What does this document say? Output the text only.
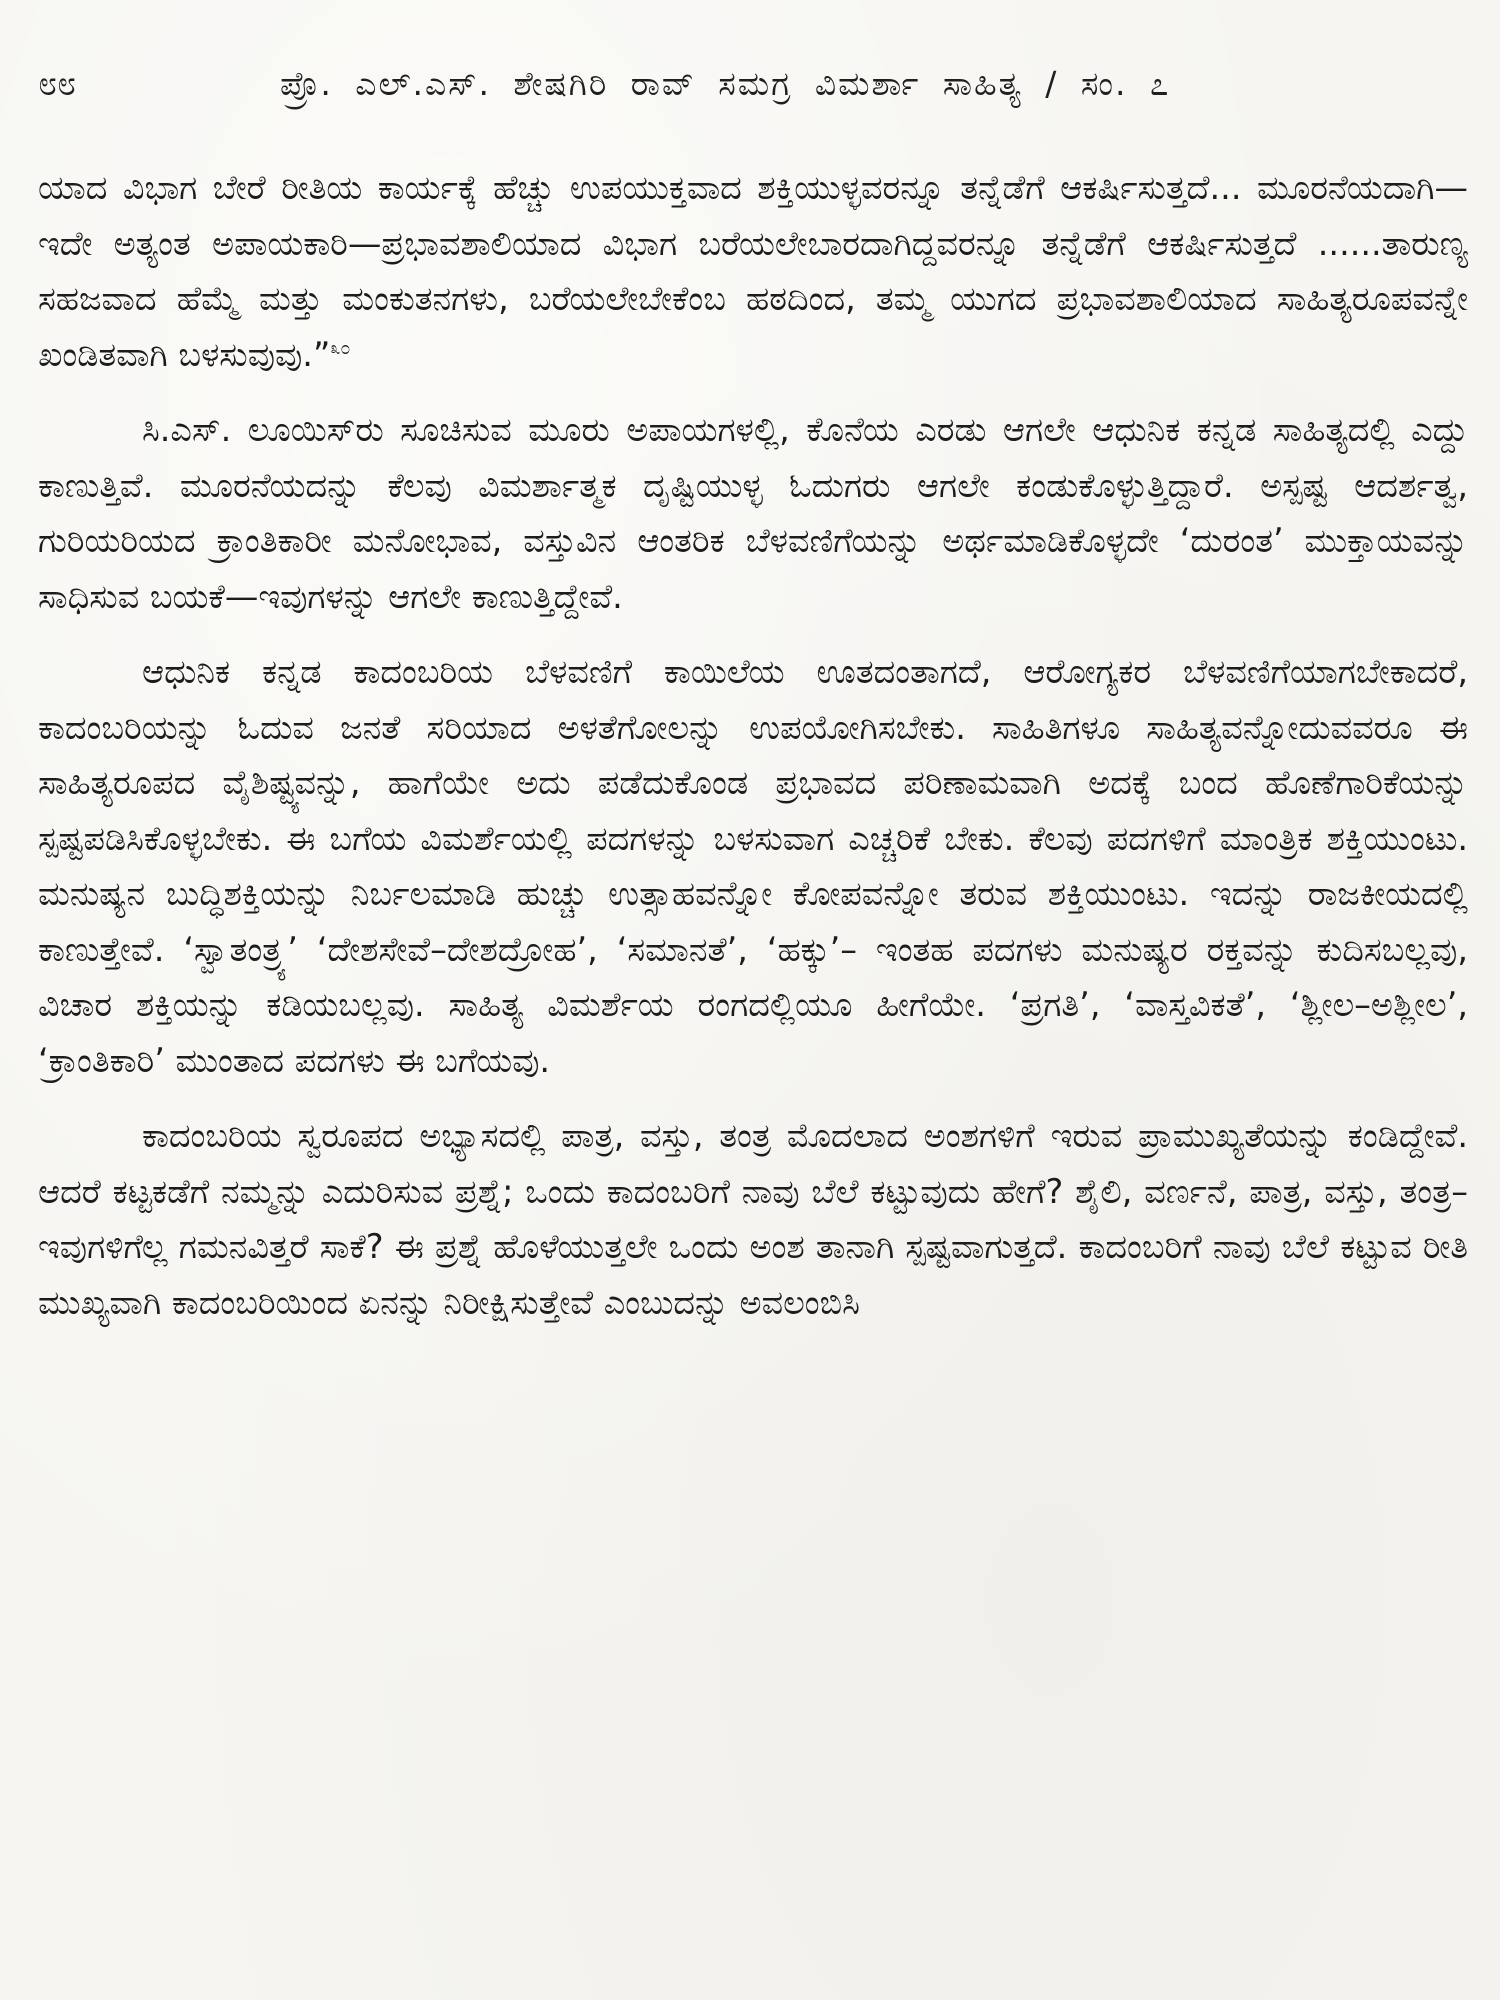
೮೮	ಪ್ರೊ. ಎಲ್.ಎಸ್. ಶೇಷಗಿರಿ ರಾವ್ ಸಮಗ್ರ ವಿಮರ್ಶಾ ಸಾಹಿತ್ಯ / ಸಂ. ೭

ಯಾದ ವಿಭಾಗ ಬೇರೆ ರೀತಿಯ ಕಾರ್ಯಕ್ಕೆ ಹೆಚ್ಚು ಉಪಯುಕ್ತವಾದ ಶಕ್ತಿಯುಳ್ಳವರನ್ನೂ ತನ್ನೆಡೆಗೆ ಆಕರ್ಷಿಸುತ್ತದೆ... ಮೂರನೆಯದಾಗಿ—ಇದೇ ಅತ್ಯಂತ ಅಪಾಯಕಾರಿ—ಪ್ರಭಾವಶಾಲಿಯಾದ ವಿಭಾಗ ಬರೆಯಲೇಬಾರದಾಗಿದ್ದವರನ್ನೂ ತನ್ನೆಡೆಗೆ ಆಕರ್ಷಿಸುತ್ತದೆ ......ತಾರುಣ್ಯ ಸಹಜವಾದ ಹೆಮ್ಮೆ ಮತ್ತು ಮಂಕುತನಗಳು, ಬರೆಯಲೇಬೇಕೆಂಬ ಹಠದಿಂದ, ತಮ್ಮ ಯುಗದ ಪ್ರಭಾವಶಾಲಿಯಾದ ಸಾಹಿತ್ಯರೂಪವನ್ನೇ ಖಂಡಿತವಾಗಿ ಬಳಸುವುವು.”$^{೩೦}$

ಸಿ.ಎಸ್. ಲೂಯಿಸ್‌ರು ಸೂಚಿಸುವ ಮೂರು ಅಪಾಯಗಳಲ್ಲಿ, ಕೊನೆಯ ಎರಡು ಆಗಲೇ ಆಧುನಿಕ ಕನ್ನಡ ಸಾಹಿತ್ಯದಲ್ಲಿ ಎದ್ದು ಕಾಣುತ್ತಿವೆ. ಮೂರನೆಯದನ್ನು ಕೆಲವು ವಿಮರ್ಶಾತ್ಮಕ ದೃಷ್ಟಿಯುಳ್ಳ ಓದುಗರು ಆಗಲೇ ಕಂಡುಕೊಳ್ಳುತ್ತಿದ್ದಾರೆ. ಅಸ್ಪಷ್ಟ ಆದರ್ಶತ್ವ, ಗುರಿಯರಿಯದ ಕ್ರಾಂತಿಕಾರೀ ಮನೋಭಾವ, ವಸ್ತುವಿನ ಆಂತರಿಕ ಬೆಳವಣಿಗೆಯನ್ನು ಅರ್ಥಮಾಡಿಕೊಳ್ಳದೇ ‘ದುರಂತ’ ಮುಕ್ತಾಯವನ್ನು ಸಾಧಿಸುವ ಬಯಕೆ—ಇವುಗಳನ್ನು ಆಗಲೇ ಕಾಣುತ್ತಿದ್ದೇವೆ.

ಆಧುನಿಕ ಕನ್ನಡ ಕಾದಂಬರಿಯ ಬೆಳವಣಿಗೆ ಕಾಯಿಲೆಯ ಊತದಂತಾಗದೆ, ಆರೋಗ್ಯಕರ ಬೆಳವಣಿಗೆಯಾಗಬೇಕಾದರೆ, ಕಾದಂಬರಿಯನ್ನು ಓದುವ ಜನತೆ ಸರಿಯಾದ ಅಳತೆಗೋಲನ್ನು ಉಪಯೋಗಿಸಬೇಕು. ಸಾಹಿತಿಗಳೂ ಸಾಹಿತ್ಯವನ್ನೋದುವವರೂ ಈ ಸಾಹಿತ್ಯರೂಪದ ವೈಶಿಷ್ಟ್ಯವನ್ನು, ಹಾಗೆಯೇ ಅದು ಪಡೆದುಕೊಂಡ ಪ್ರಭಾವದ ಪರಿಣಾಮವಾಗಿ ಅದಕ್ಕೆ ಬಂದ ಹೊಣೆಗಾರಿಕೆಯನ್ನು ಸ್ಪಷ್ಟಪಡಿಸಿಕೊಳ್ಳಬೇಕು. ಈ ಬಗೆಯ ವಿಮರ್ಶೆಯಲ್ಲಿ ಪದಗಳನ್ನು ಬಳಸುವಾಗ ಎಚ್ಚರಿಕೆ ಬೇಕು. ಕೆಲವು ಪದಗಳಿಗೆ ಮಾಂತ್ರಿಕ ಶಕ್ತಿಯುಂಟು. ಮನುಷ್ಯನ ಬುದ್ಧಿಶಕ್ತಿಯನ್ನು ನಿರ್ಬಲಮಾಡಿ ಹುಚ್ಚು ಉತ್ಸಾಹವನ್ನೋ ಕೋಪವನ್ನೋ ತರುವ ಶಕ್ತಿಯುಂಟು. ಇದನ್ನು ರಾಜಕೀಯದಲ್ಲಿ ಕಾಣುತ್ತೇವೆ. ‘ಸ್ವಾತಂತ್ರ್ಯ’ ‘ದೇಶಸೇವೆ–ದೇಶದ್ರೋಹ’, ‘ಸಮಾನತೆ’, ‘ಹಕ್ಕು’– ಇಂತಹ ಪದಗಳು ಮನುಷ್ಯರ ರಕ್ತವನ್ನು ಕುದಿಸಬಲ್ಲವು, ವಿಚಾರ ಶಕ್ತಿಯನ್ನು ಕಡಿಯಬಲ್ಲವು. ಸಾಹಿತ್ಯ ವಿಮರ್ಶೆಯ ರಂಗದಲ್ಲಿಯೂ ಹೀಗೆಯೇ. ‘ಪ್ರಗತಿ’, ‘ವಾಸ್ತವಿಕತೆ’, ‘ಶ್ಲೀಲ–ಅಶ್ಲೀಲ’, ‘ಕ್ರಾಂತಿಕಾರಿ’ ಮುಂತಾದ ಪದಗಳು ಈ ಬಗೆಯವು.

ಕಾದಂಬರಿಯ ಸ್ವರೂಪದ ಅಭ್ಯಾಸದಲ್ಲಿ ಪಾತ್ರ, ವಸ್ತು, ತಂತ್ರ ಮೊದಲಾದ ಅಂಶಗಳಿಗೆ ಇರುವ ಪ್ರಾಮುಖ್ಯತೆಯನ್ನು ಕಂಡಿದ್ದೇವೆ. ಆದರೆ ಕಟ್ಟಕಡೆಗೆ ನಮ್ಮನ್ನು ಎದುರಿಸುವ ಪ್ರಶ್ನೆ; ಒಂದು ಕಾದಂಬರಿಗೆ ನಾವು ಬೆಲೆ ಕಟ್ಟುವುದು ಹೇಗೆ? ಶೈಲಿ, ವರ್ಣನೆ, ಪಾತ್ರ, ವಸ್ತು, ತಂತ್ರ–ಇವುಗಳಿಗೆಲ್ಲ ಗಮನವಿತ್ತರೆ ಸಾಕೆ? ಈ ಪ್ರಶ್ನೆ ಹೊಳೆಯುತ್ತಲೇ ಒಂದು ಅಂಶ ತಾನಾಗಿ ಸ್ಪಷ್ಟವಾಗುತ್ತದೆ. ಕಾದಂಬರಿಗೆ ನಾವು ಬೆಲೆ ಕಟ್ಟುವ ರೀತಿ ಮುಖ್ಯವಾಗಿ ಕಾದಂಬರಿಯಿಂದ ಏನನ್ನು ನಿರೀಕ್ಷಿಸುತ್ತೇವೆ ಎಂಬುದನ್ನು ಅವಲಂಬಿಸಿ
